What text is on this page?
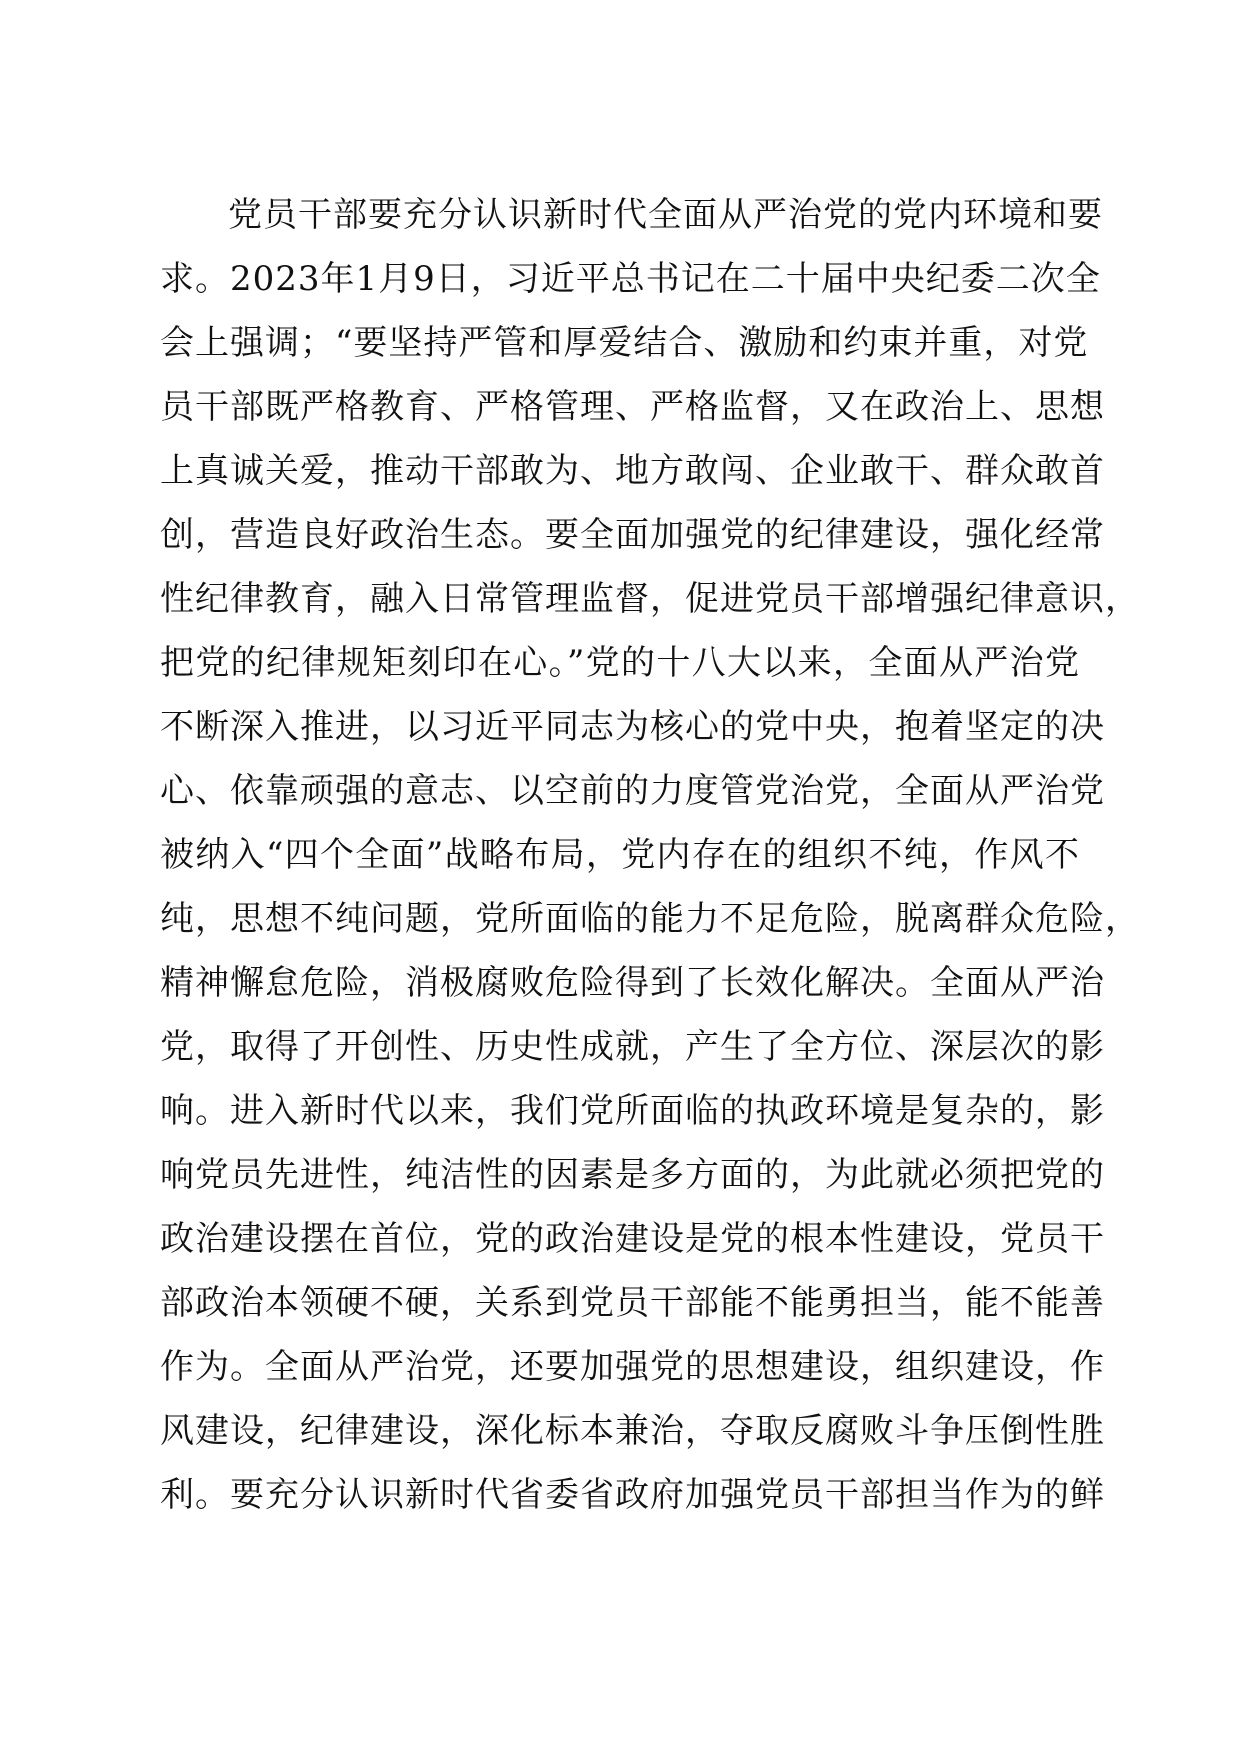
党员干部要充分认识新时代全面从严治党的党内环境和要
求。2023年1月9日，习近平总书记在二十届中央纪委二次全
会上强调；“要坚持严管和厚爱结合、激励和约束并重，对党
员干部既严格教育、严格管理、严格监督，又在政治上、思想
上真诚关爱，推动干部敢为、地方敢闯、企业敢干、群众敢首
创，营造良好政治生态。要全面加强党的纪律建设，强化经常
性纪律教育，融入日常管理监督，促进党员干部增强纪律意识，
把党的纪律规矩刻印在心。”党的十八大以来，全面从严治党
不断深入推进，以习近平同志为核心的党中央，抱着坚定的决
心、依靠顽强的意志、以空前的力度管党治党，全面从严治党
被纳入“四个全面”战略布局，党内存在的组织不纯，作风不
纯，思想不纯问题，党所面临的能力不足危险，脱离群众危险，
精神懈怠危险，消极腐败危险得到了长效化解决。全面从严治
党，取得了开创性、历史性成就，产生了全方位、深层次的影
响。进入新时代以来，我们党所面临的执政环境是复杂的，影
响党员先进性，纯洁性的因素是多方面的，为此就必须把党的
政治建设摆在首位，党的政治建设是党的根本性建设，党员干
部政治本领硬不硬，关系到党员干部能不能勇担当，能不能善
作为。全面从严治党，还要加强党的思想建设，组织建设，作
风建设，纪律建设，深化标本兼治，夺取反腐败斗争压倒性胜
利。要充分认识新时代省委省政府加强党员干部担当作为的鲜
